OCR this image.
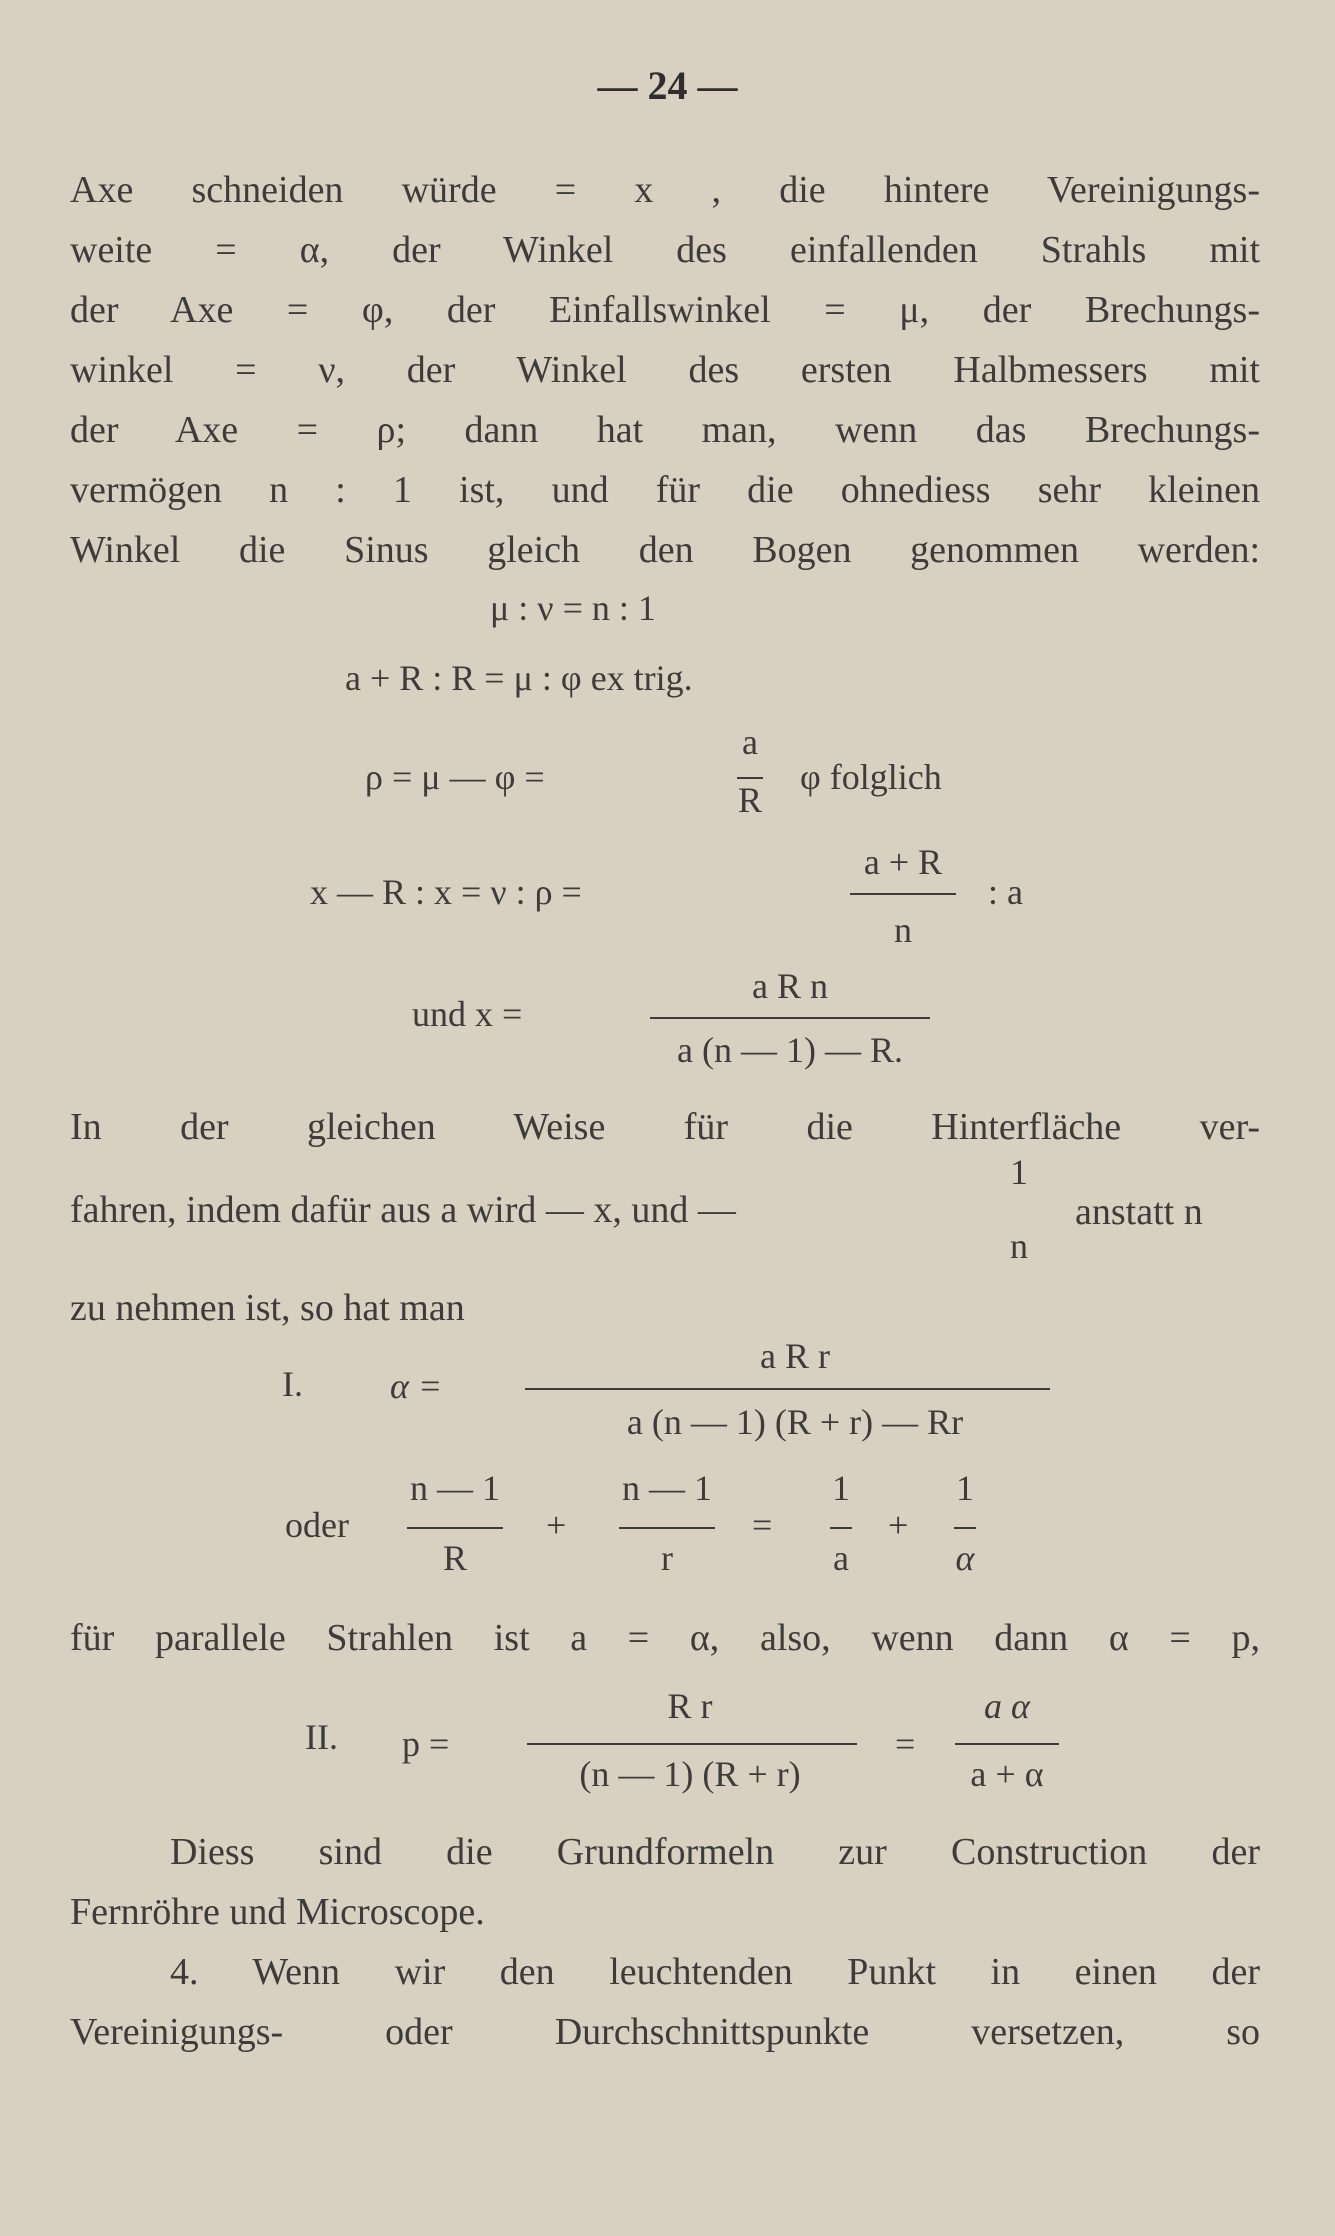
— 24 —
Axe schneiden würde = x , die hintere Vereinigungs-
weite = α, der Winkel des einfallenden Strahls mit
der Axe = φ, der Einfallswinkel = μ, der Brechungs-
winkel = ν, der Winkel des ersten Halbmessers mit
der Axe = ρ; dann hat man, wenn das Brechungs-
vermögen n : 1 ist, und für die ohnediess sehr kleinen
Winkel die Sinus gleich den Bogen genommen werden:
μ : ν = n : 1
a + R : R = μ : φ ex trig.
ρ = μ — φ =
a
R
φ folglich
x — R : x = ν : ρ =
a + R
n
: a
und x =
a R n
a (n — 1) — R.
In der gleichen Weise für die Hinterfläche ver-
fahren, indem dafür aus a wird — x, und —
1
n
anstatt n
zu nehmen ist, so hat man
I. α =
a R r
a (n — 1) (R + r) — Rr
oder
n — 1
R
+
n — 1
r
=
1
a
+
1
α
für parallele Strahlen ist a = α, also, wenn dann α = p,
II. p =
R r
(n — 1) (R + r)
=
a α
a + α
Diess sind die Grundformeln zur Construction der
Fernröhre und Microscope.
4. Wenn wir den leuchtenden Punkt in einen der
Vereinigungs- oder Durchschnittspunkte versetzen, so
